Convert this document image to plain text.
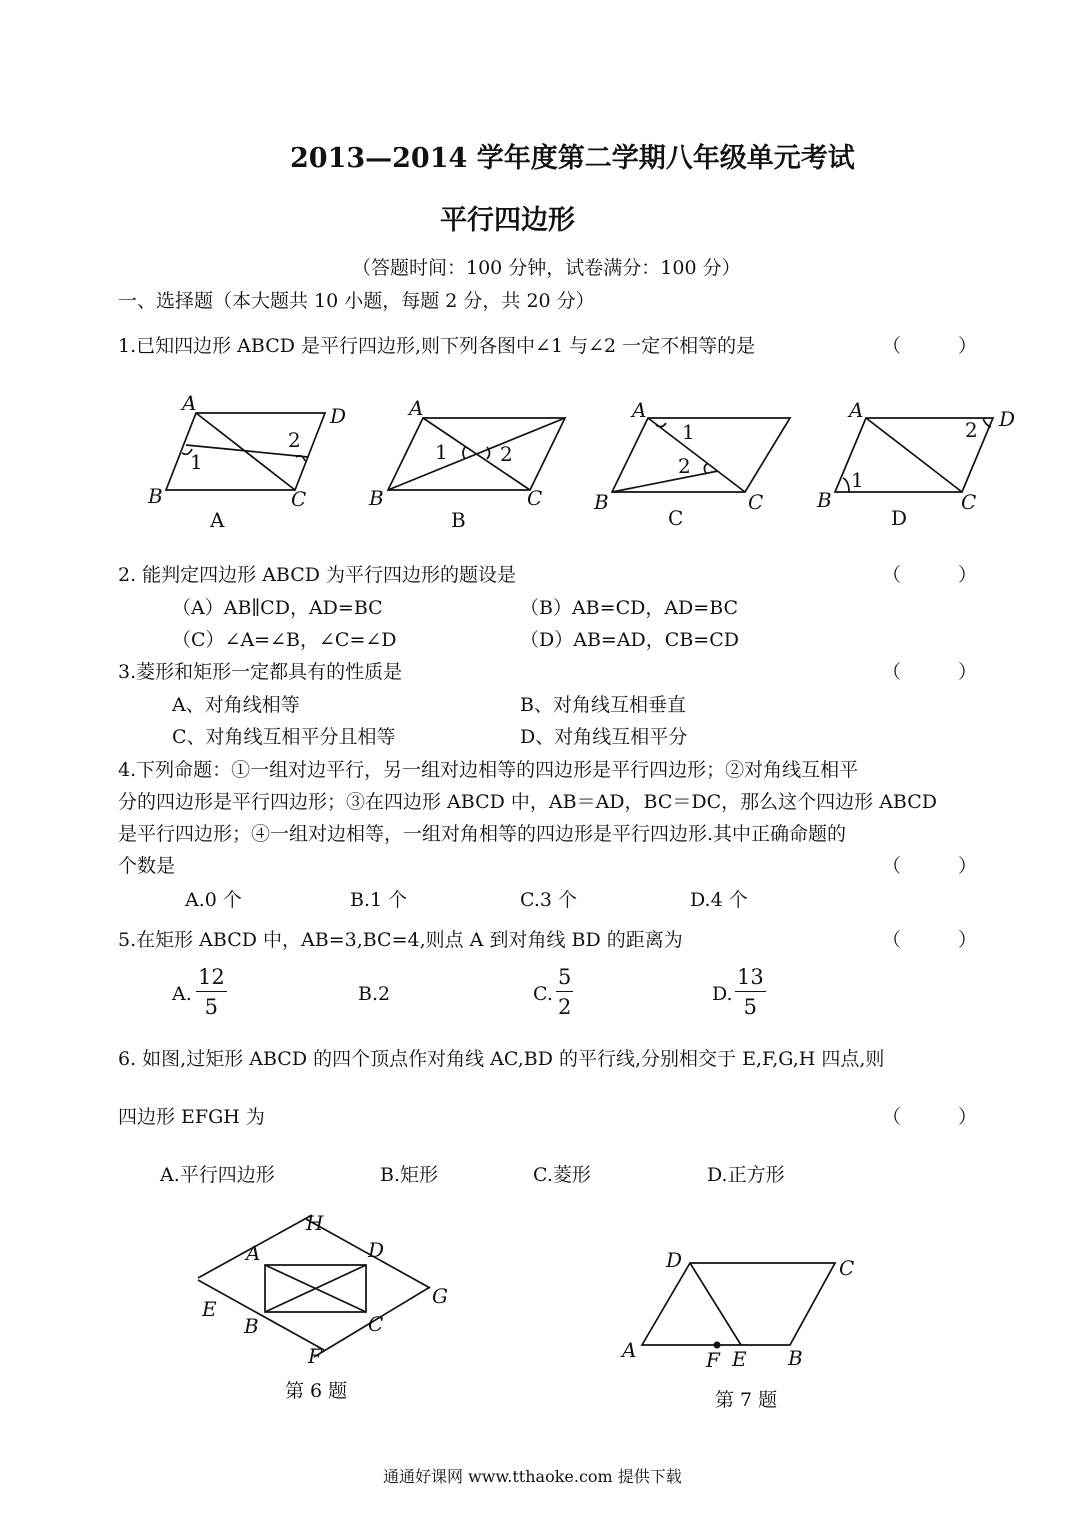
2013—2014 学年度第二学期八年级单元考试
平行四边形
（答题时间：100 分钟，试卷满分：100 分）
一、选择题（本大题共 10 小题，每题 2 分，共 20 分）
1.已知四边形 ABCD 是平行四边形,则下列各图中∠1 与∠2 一定不相等的是	（　　　）
A
D
B	C
1
2
A
A
B	C
1	2
B
A
B	C
1
2
C
A	D
B	C
1
2
D
2. 能判定四边形 ABCD 为平行四边形的题设是	（　　　）
（A）AB∥CD，AD=BC	（B）AB=CD，AD=BC
（C）∠A=∠B，∠C=∠D	（D）AB=AD，CB=CD
3.菱形和矩形一定都具有的性质是	（　　　）
A、对角线相等	B、对角线互相垂直
C、对角线互相平分且相等	D、对角线互相平分
4.下列命题：①一组对边平行，另一组对边相等的四边形是平行四边形；②对角线互相平
分的四边形是平行四边形；③在四边形 ABCD 中，AB＝AD，BC＝DC，那么这个四边形 ABCD
是平行四边形；④一组对边相等，一组对角相等的四边形是平行四边形.其中正确命题的
个数是	（　　　）
A.0 个	B.1 个	C.3 个	D.4 个
5.在矩形 ABCD 中，AB=3,BC=4,则点 A 到对角线 BD 的距离为	（　　　）
A. $\frac{12}{5}$	B.2	C. $\frac{5}{2}$	D. $\frac{13}{5}$
6. 如图,过矩形 ABCD 的四个顶点作对角线 AC,BD 的平行线,分别相交于 E,F,G,H 四点,则
四边形 EFGH 为	（　　　）
A.平行四边形	B.矩形	C.菱形	D.正方形
H
A	D
G
E
B	C
F
第 6 题
D	C
A	F E B
第 7 题
通通好课网 www.tthaoke.com 提供下载
